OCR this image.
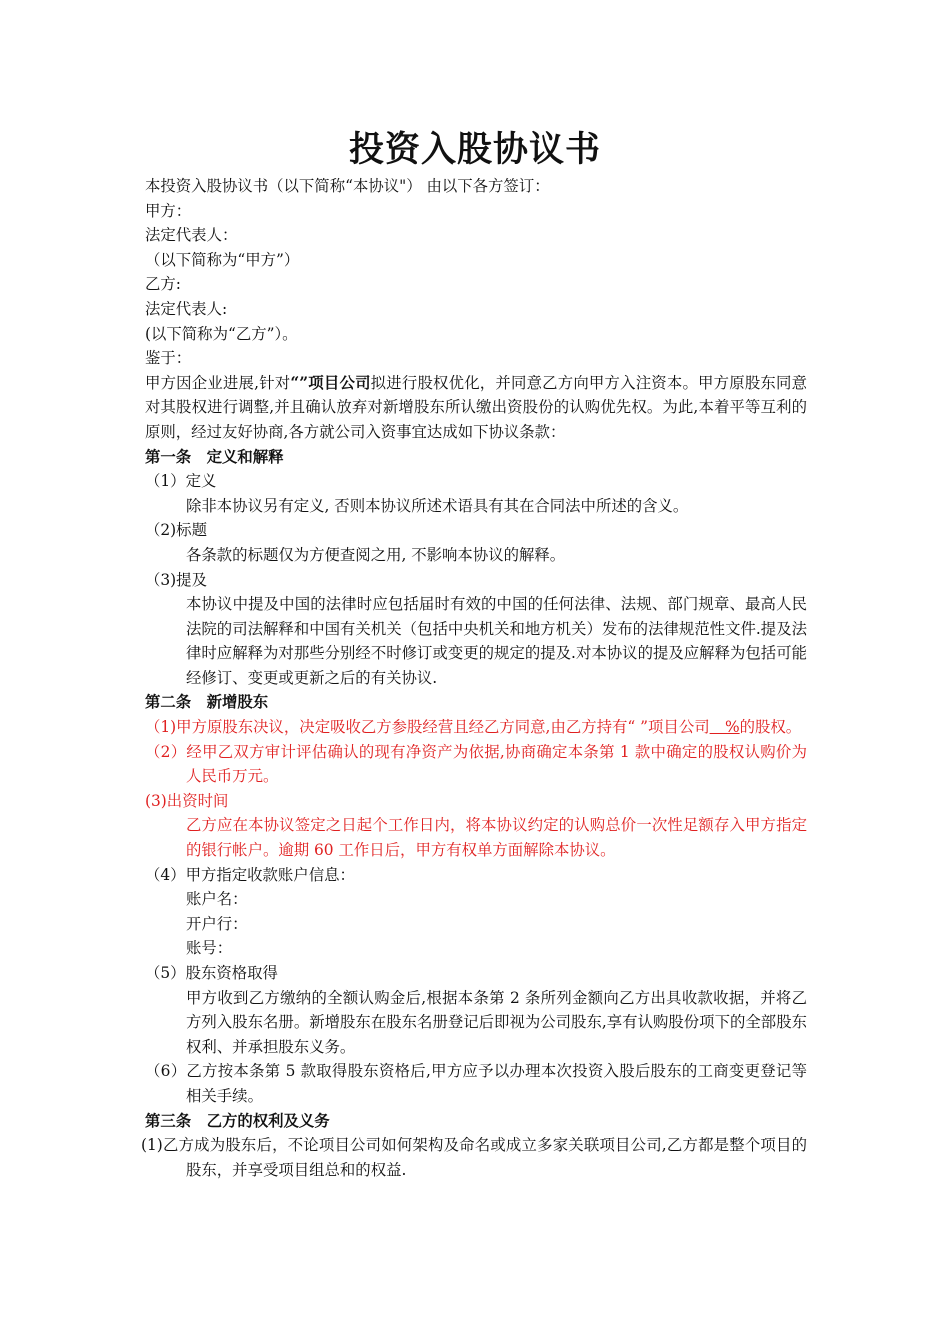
投资入股协议书

本投资入股协议书（以下简称“本协议"） 由以下各方签订：

甲方：

法定代表人：

（以下简称为“甲方”）

乙方:

法定代表人:

(以下简称为“乙方”）。

鉴于：

甲方因企业进展,针对“”项目公司拟进行股权优化，并同意乙方向甲方入注资本。甲方原股东同意对其股权进行调整,并且确认放弃对新增股东所认缴出资股份的认购优先权。为此,本着平等互利的原则，经过友好协商,各方就公司入资事宜达成如下协议条款：

第一条　定义和解释

（1）定义

除非本协议另有定义, 否则本协议所述术语具有其在合同法中所述的含义。

（2)标题

各条款的标题仅为方便查阅之用, 不影响本协议的解释。

（3)提及

本协议中提及中国的法律时应包括届时有效的中国的任何法律、法规、部门规章、最高人民法院的司法解释和中国有关机关（包括中央机关和地方机关）发布的法律规范性文件.提及法律时应解释为对那些分别经不时修订或变更的规定的提及.对本协议的提及应解释为包括可能经修订、变更或更新之后的有关协议.

第二条　新增股东

（1)甲方原股东决议，决定吸收乙方参股经营且经乙方同意,由乙方持有“ ”项目公司　%的股权。

（2）经甲乙双方审计评估确认的现有净资产为依据,协商确定本条第 1 款中确定的股权认购价为人民币万元。

(3)出资时间

乙方应在本协议签定之日起个工作日内，将本协议约定的认购总价一次性足额存入甲方指定的银行帐户。逾期 60 工作日后，甲方有权单方面解除本协议。

（4）甲方指定收款账户信息：

账户名：

开户行：

账号：

（5）股东资格取得

甲方收到乙方缴纳的全额认购金后,根据本条第 2 条所列金额向乙方出具收款收据，并将乙方列入股东名册。新增股东在股东名册登记后即视为公司股东,享有认购股份项下的全部股东权利、并承担股东义务。

（6）乙方按本条第 5 款取得股东资格后,甲方应予以办理本次投资入股后股东的工商变更登记等相关手续。

第三条　乙方的权利及义务

(1)乙方成为股东后，不论项目公司如何架构及命名或成立多家关联项目公司,乙方都是整个项目的股东，并享受项目组总和的权益.
